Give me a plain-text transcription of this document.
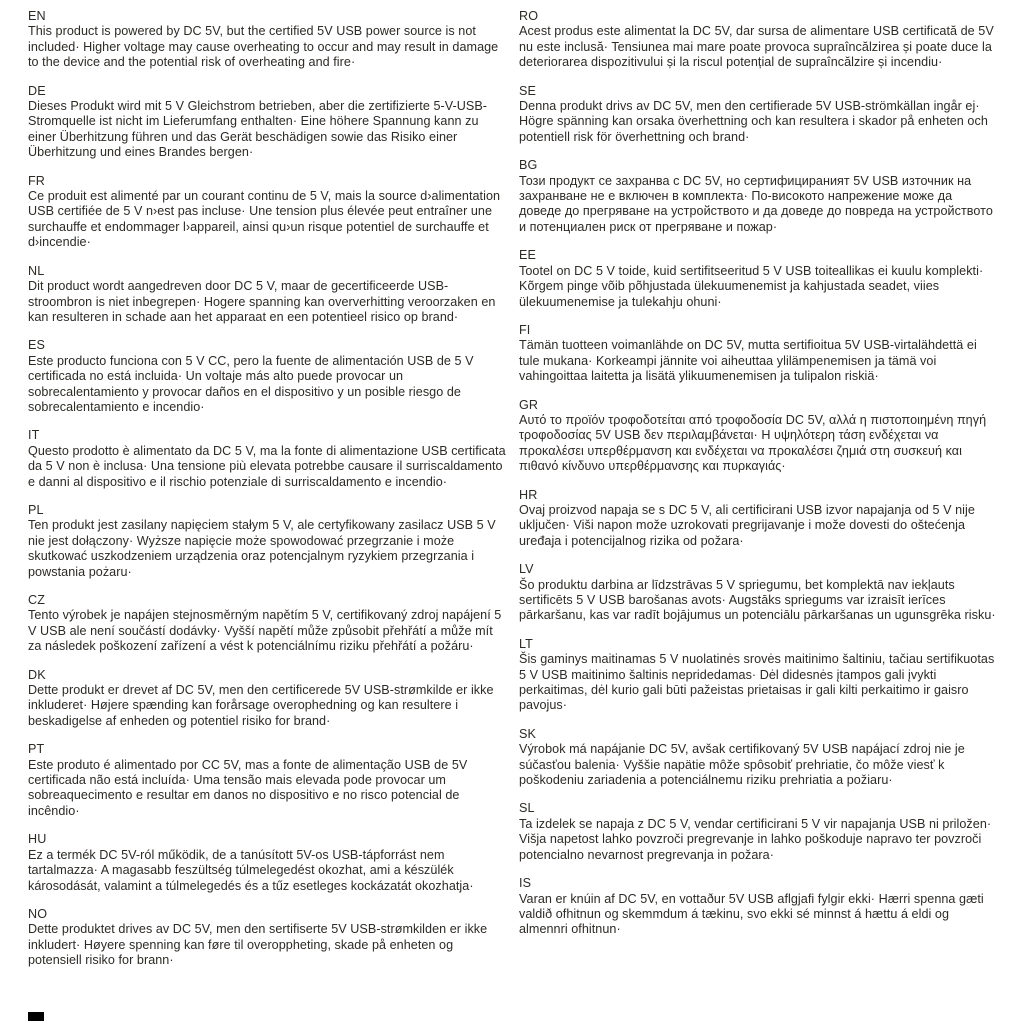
EN
This product is powered by DC 5V, but the certified 5V USB power source is not included· Higher voltage may cause overheating to occur and may result in damage to the device and the potential risk of overheating and fire·
DE
Dieses Produkt wird mit 5 V Gleichstrom betrieben, aber die zertifizierte 5-V-USB-Stromquelle ist nicht im Lieferumfang enthalten· Eine höhere Spannung kann zu einer Überhitzung führen und das Gerät beschädigen sowie das Risiko einer Überhitzung und eines Brandes bergen·
FR
Ce produit est alimenté par un courant continu de 5 V, mais la source d›alimentation USB certifiée de 5 V n›est pas incluse· Une tension plus élevée peut entraîner une surchauffe et endommager l›appareil, ainsi qu›un risque potentiel de surchauffe et d›incendie·
NL
Dit product wordt aangedreven door DC 5 V, maar de gecertificeerde USB-stroombron is niet inbegrepen· Hogere spanning kan oververhitting veroorzaken en kan resulteren in schade aan het apparaat en een potentieel risico op brand·
ES
Este producto funciona con 5 V CC, pero la fuente de alimentación USB de 5 V certificada no está incluida· Un voltaje más alto puede provocar un sobrecalentamiento y provocar daños en el dispositivo y un posible riesgo de sobrecalentamiento e incendio·
IT
Questo prodotto è alimentato da DC 5 V, ma la fonte di alimentazione USB certificata da 5 V non è inclusa· Una tensione più elevata potrebbe causare il surriscaldamento e danni al dispositivo e il rischio potenziale di surriscaldamento e incendio·
PL
Ten produkt jest zasilany napięciem stałym 5 V, ale certyfikowany zasilacz USB 5 V nie jest dołączony· Wyższe napięcie może spowodować przegrzanie i może skutkować uszkodzeniem urządzenia oraz potencjalnym ryzykiem przegrzania i powstania pożaru·
CZ
Tento výrobek je napájen stejnosměrným napětím 5 V, certifikovaný zdroj napájení 5 V USB ale není součástí dodávky· Vyšší napětí může způsobit přehřátí a může mít za následek poškození zařízení a vést k potenciálnímu riziku přehřátí a požáru·
DK
Dette produkt er drevet af DC 5V, men den certificerede 5V USB-strømkilde er ikke inkluderet· Højere spænding kan forårsage overophedning og kan resultere i beskadigelse af enheden og potentiel risiko for brand·
PT
Este produto é alimentado por CC 5V, mas a fonte de alimentação USB de 5V certificada não está incluída· Uma tensão mais elevada pode provocar um sobreaquecimento e resultar em danos no dispositivo e no risco potencial de incêndio·
HU
Ez a termék DC 5V-ról működik, de a tanúsított 5V-os USB-tápforrást nem tartalmazza· A magasabb feszültség túlmelegedést okozhat, ami a készülék károsodását, valamint a túlmelegedés és a tűz esetleges kockázatát okozhatja·
NO
Dette produktet drives av DC 5V, men den sertifiserte 5V USB-strømkilden er ikke inkludert· Høyere spenning kan føre til overoppheting, skade på enheten og potensiell risiko for brann·
RO
Acest produs este alimentat la DC 5V, dar sursa de alimentare USB certificată de 5V nu este inclusă· Tensiunea mai mare poate provoca supraîncălzirea și poate duce la deteriorarea dispozitivului și la riscul potențial de supraîncălzire și incendiu·
SE
Denna produkt drivs av DC 5V, men den certifierade 5V USB-strömkällan ingår ej· Högre spänning kan orsaka överhettning och kan resultera i skador på enheten och potentiell risk för överhettning och brand·
BG
Този продукт се захранва с DC 5V, но сертифицираният 5V USB източник на захранване не е включен в комплекта· По-високото напрежение може да доведе до прегряване на устройството и да доведе до повреда на устройството и потенциален риск от прегряване и пожар·
EE
Tootel on DC 5 V toide, kuid sertifitseeritud 5 V USB toiteallikas ei kuulu komplekti· Kõrgem pinge võib põhjustada ülekuumenemist ja kahjustada seadet, viies ülekuumenemise ja tulekahju ohuni·
FI
Tämän tuotteen voimanlähde on DC 5V, mutta sertifioitua 5V USB-virtalähdettä ei tule mukana· Korkeampi jännite voi aiheuttaa ylilämpenemisen ja tämä voi vahingoittaa laitetta ja lisätä ylikuumenemisen ja tulipalon riskiä·
GR
Αυτό το προϊόν τροφοδοτείται από τροφοδοσία DC 5V, αλλά η πιστοποιημένη πηγή τροφοδοσίας 5V USB δεν περιλαμβάνεται· Η υψηλότερη τάση ενδέχεται να προκαλέσει υπερθέρμανση και ενδέχεται να προκαλέσει ζημιά στη συσκευή και πιθανό κίνδυνο υπερθέρμανσης και πυρκαγιάς·
HR
Ovaj proizvod napaja se s DC 5 V, ali certificirani USB izvor napajanja od 5 V nije uključen· Viši napon može uzrokovati pregrijavanje i može dovesti do oštećenja uređaja i potencijalnog rizika od požara·
LV
Šo produktu darbina ar līdzstrāvas 5 V spriegumu, bet komplektā nav iekļauts sertificēts 5 V USB barošanas avots· Augstāks spriegums var izraisīt ierīces pārkaršanu, kas var radīt bojājumus un potenciālu pārkaršanas un ugunsgrēka risku·
LT
Šis gaminys maitinamas 5 V nuolatinės srovės maitinimo šaltiniu, tačiau sertifikuotas 5 V USB maitinimo šaltinis nepridedamas· Dėl didesnės įtampos gali įvykti perkaitimas, dėl kurio gali būti pažeistas prietaisas ir gali kilti perkaitimo ir gaisro pavojus·
SK
Výrobok má napájanie DC 5V, avšak certifikovaný 5V USB napájací zdroj nie je súčasťou balenia· Vyššie napätie môže spôsobiť prehriatie, čo môže viesť k poškodeniu zariadenia a potenciálnemu riziku prehriatia a požiaru·
SL
Ta izdelek se napaja z DC 5 V, vendar certificirani 5 V vir napajanja USB ni priložen· Višja napetost lahko povzroči pregrevanje in lahko poškoduje napravo ter povzroči potencialno nevarnost pregrevanja in požara·
IS
Varan er knúin af DC 5V, en vottaður 5V USB aflgjafi fylgir ekki· Hærri spenna gæti valdið ofhitnun og skemmdum á tækinu, svo ekki sé minnst á hættu á eldi og almennri ofhitnun·
